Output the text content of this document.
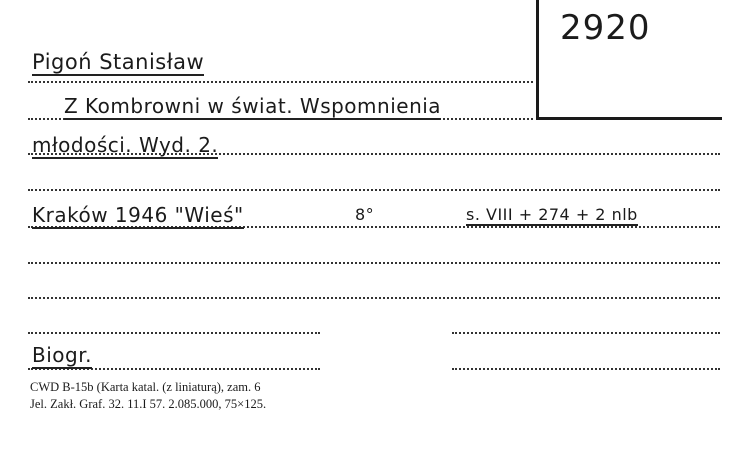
2920
Pigoń Stanisław
Z Kombrowni w świat. Wspomnienia
młodości. Wyd. 2.
Kraków 1946 "Wieś"	8°	s. VIII + 274 + 2 nlb
Biogr.
CWD B-15b (Karta katal. (z liniaturą), zam. 6
Jel. Zakł. Graf. 32. 11.I 57. 2.085.000, 75×125.
